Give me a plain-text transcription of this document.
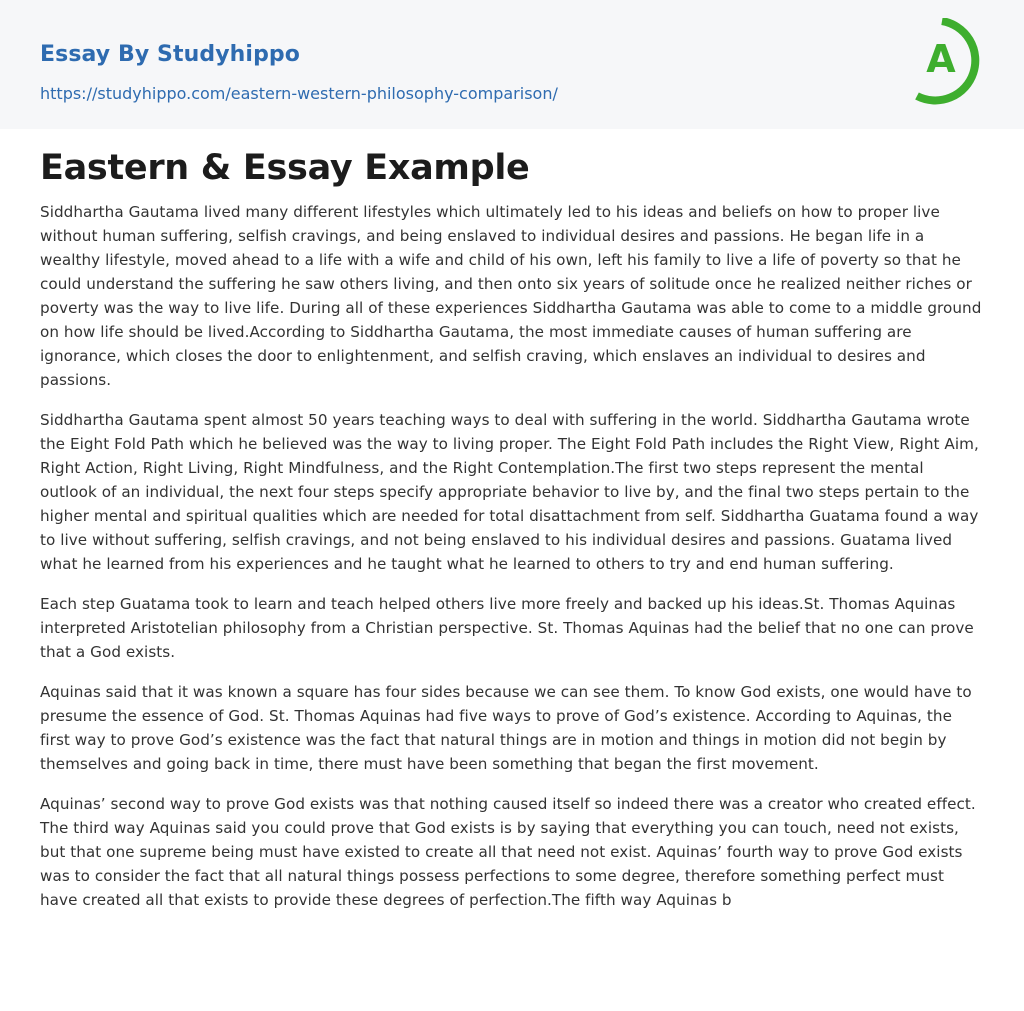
Essay By Studyhippo
https://studyhippo.com/eastern-western-philosophy-comparison/
A
Eastern & Essay Example

Siddhartha Gautama lived many different lifestyles which ultimately led to his ideas and beliefs on how to proper live without human suffering, selfish cravings, and being enslaved to individual desires and passions. He began life in a wealthy lifestyle, moved ahead to a life with a wife and child of his own, left his family to live a life of poverty so that he could understand the suffering he saw others living, and then onto six years of solitude once he realized neither riches or poverty was the way to live life. During all of these experiences Siddhartha Gautama was able to come to a middle ground on how life should be lived.According to Siddhartha Gautama, the most immediate causes of human suffering are ignorance, which closes the door to enlightenment, and selfish craving, which enslaves an individual to desires and passions.

Siddhartha Gautama spent almost 50 years teaching ways to deal with suffering in the world. Siddhartha Gautama wrote the Eight Fold Path which he believed was the way to living proper. The Eight Fold Path includes the Right View, Right Aim, Right Action, Right Living, Right Mindfulness, and the Right Contemplation.The first two steps represent the mental outlook of an individual, the next four steps specify appropriate behavior to live by, and the final two steps pertain to the higher mental and spiritual qualities which are needed for total disattachment from self. Siddhartha Guatama found a way to live without suffering, selfish cravings, and not being enslaved to his individual desires and passions. Guatama lived what he learned from his experiences and he taught what he learned to others to try and end human suffering.

Each step Guatama took to learn and teach helped others live more freely and backed up his ideas.St. Thomas Aquinas interpreted Aristotelian philosophy from a Christian perspective. St. Thomas Aquinas had the belief that no one can prove that a God exists.

Aquinas said that it was known a square has four sides because we can see them. To know God exists, one would have to presume the essence of God. St. Thomas Aquinas had five ways to prove of God’s existence. According to Aquinas, the first way to prove God’s existence was the fact that natural things are in motion and things in motion did not begin by themselves and going back in time, there must have been something that began the first movement.

Aquinas’ second way to prove God exists was that nothing caused itself so indeed there was a creator who created effect. The third way Aquinas said you could prove that God exists is by saying that everything you can touch, need not exists, but that one supreme being must have existed to create all that need not exist. Aquinas’ fourth way to prove God exists was to consider the fact that all natural things possess perfections to some degree, therefore something perfect must have created all that exists to provide these degrees of perfection.The fifth way Aquinas b
